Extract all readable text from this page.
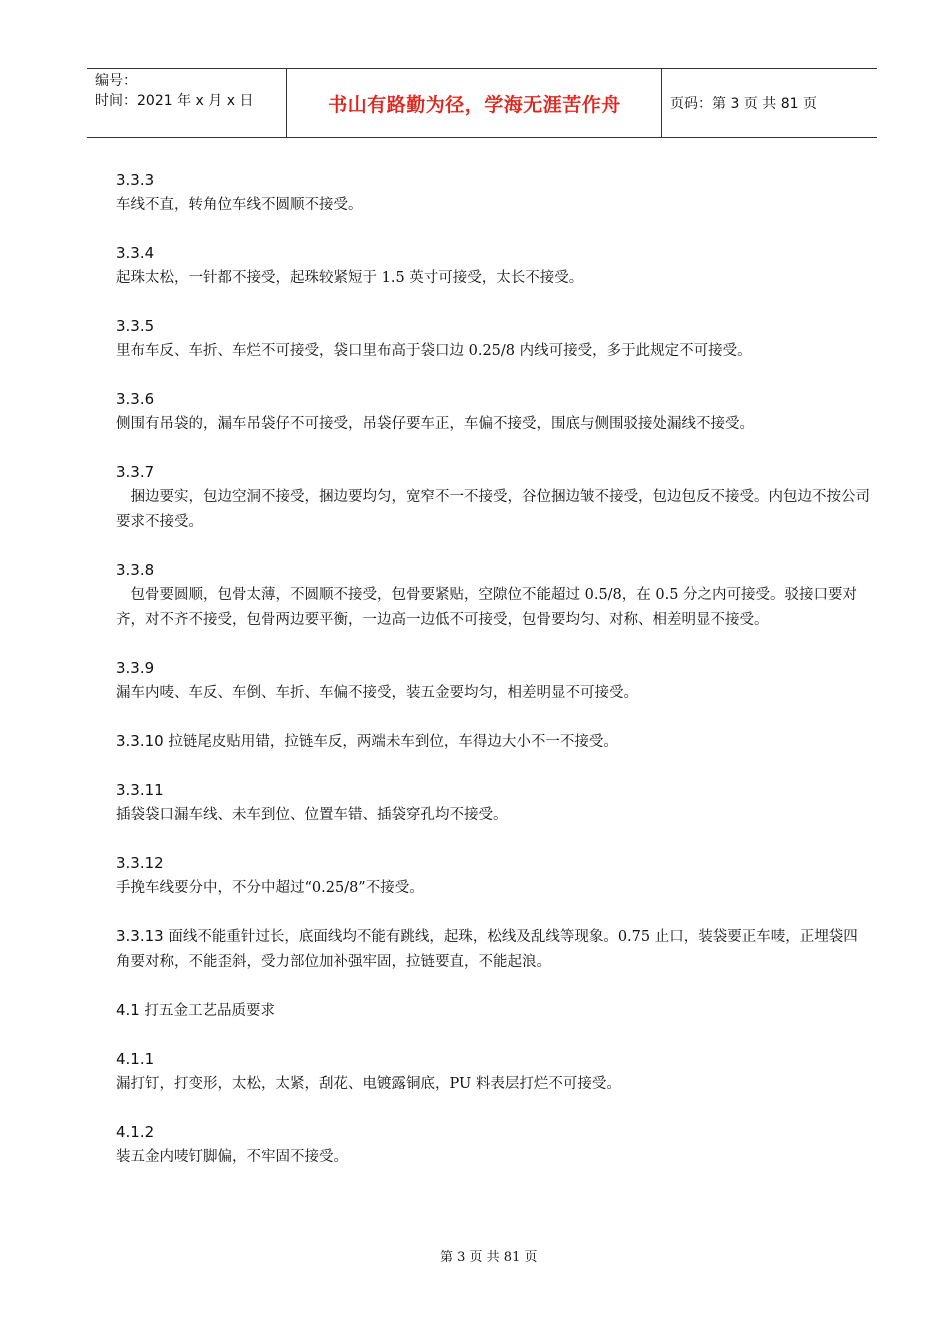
编号：
时间：2021 年 x 月 x 日	书山有路勤为径，学海无涯苦作舟	页码：第 3 页 共 81 页
3.3.3
车线不直，转角位车线不圆顺不接受。
3.3.4
起珠太松，一针都不接受，起珠较紧短于 1.5 英寸可接受，太长不接受。
3.3.5
里布车反、车折、车烂不可接受，袋口里布高于袋口边 0.25/8 内线可接受，多于此规定不可接受。
3.3.6
侧围有吊袋的，漏车吊袋仔不可接受，吊袋仔要车正，车偏不接受，围底与侧围驳接处漏线不接受。
3.3.7
　捆边要实，包边空洞不接受，捆边要均匀，宽窄不一不接受，谷位捆边皱不接受，包边包反不接受。内包边不按公司要求不接受。
3.3.8
　包骨要圆顺，包骨太薄，不圆顺不接受，包骨要紧贴，空隙位不能超过 0.5/8，在 0.5 分之内可接受。驳接口要对齐，对不齐不接受，包骨两边要平衡，一边高一边低不可接受，包骨要均匀、对称、相差明显不接受。
3.3.9
漏车内唛、车反、车倒、车折、车偏不接受，装五金要均匀，相差明显不可接受。
3.3.10 拉链尾皮贴用错，拉链车反，两端未车到位，车得边大小不一不接受。
3.3.11
插袋袋口漏车线、未车到位、位置车错、插袋穿孔均不接受。
3.3.12
手挽车线要分中，不分中超过“0.25/8”不接受。
3.3.13 面线不能重针过长，底面线均不能有跳线，起珠，松线及乱线等现象。0.75 止口，装袋要正车唛，正埋袋四角要对称，不能歪斜，受力部位加补强牢固，拉链要直，不能起浪。
4.1 打五金工艺品质要求
4.1.1
漏打钉，打变形，太松，太紧，刮花、电镀露铜底，PU 料表层打烂不可接受。
4.1.2
装五金内唛钉脚偏，不牢固不接受。
第 3 页 共 81 页
